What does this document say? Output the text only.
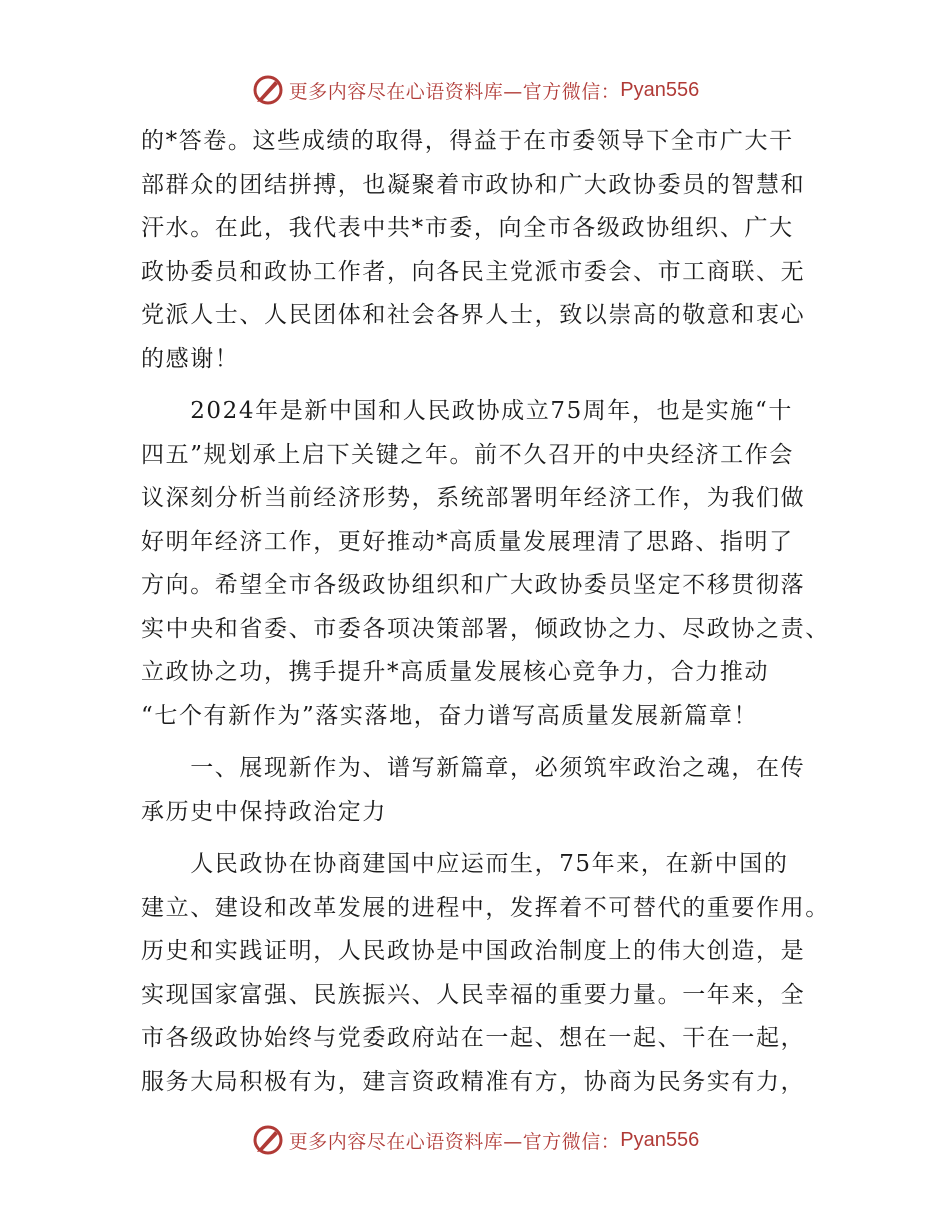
更多内容尽在心语资料库—官方微信： Pyan556
的*答卷。这些成绩的取得，得益于在市委领导下全市广大干
部群众的团结拼搏，也凝聚着市政协和广大政协委员的智慧和
汗水。在此，我代表中共*市委，向全市各级政协组织、广大
政协委员和政协工作者，向各民主党派市委会、市工商联、无
党派人士、人民团体和社会各界人士，致以崇高的敬意和衷心
的感谢！
　　2024年是新中国和人民政协成立75周年，也是实施“十
四五”规划承上启下关键之年。前不久召开的中央经济工作会
议深刻分析当前经济形势，系统部署明年经济工作，为我们做
好明年经济工作，更好推动*高质量发展理清了思路、指明了
方向。希望全市各级政协组织和广大政协委员坚定不移贯彻落
实中央和省委、市委各项决策部署，倾政协之力、尽政协之责、
立政协之功，携手提升*高质量发展核心竞争力，合力推动
“七个有新作为”落实落地，奋力谱写高质量发展新篇章！
　　一、展现新作为、谱写新篇章，必须筑牢政治之魂，在传
承历史中保持政治定力
　　人民政协在协商建国中应运而生，75年来，在新中国的
建立、建设和改革发展的进程中，发挥着不可替代的重要作用。
历史和实践证明，人民政协是中国政治制度上的伟大创造，是
实现国家富强、民族振兴、人民幸福的重要力量。一年来，全
市各级政协始终与党委政府站在一起、想在一起、干在一起，
服务大局积极有为，建言资政精准有方，协商为民务实有力，
更多内容尽在心语资料库—官方微信： Pyan556
